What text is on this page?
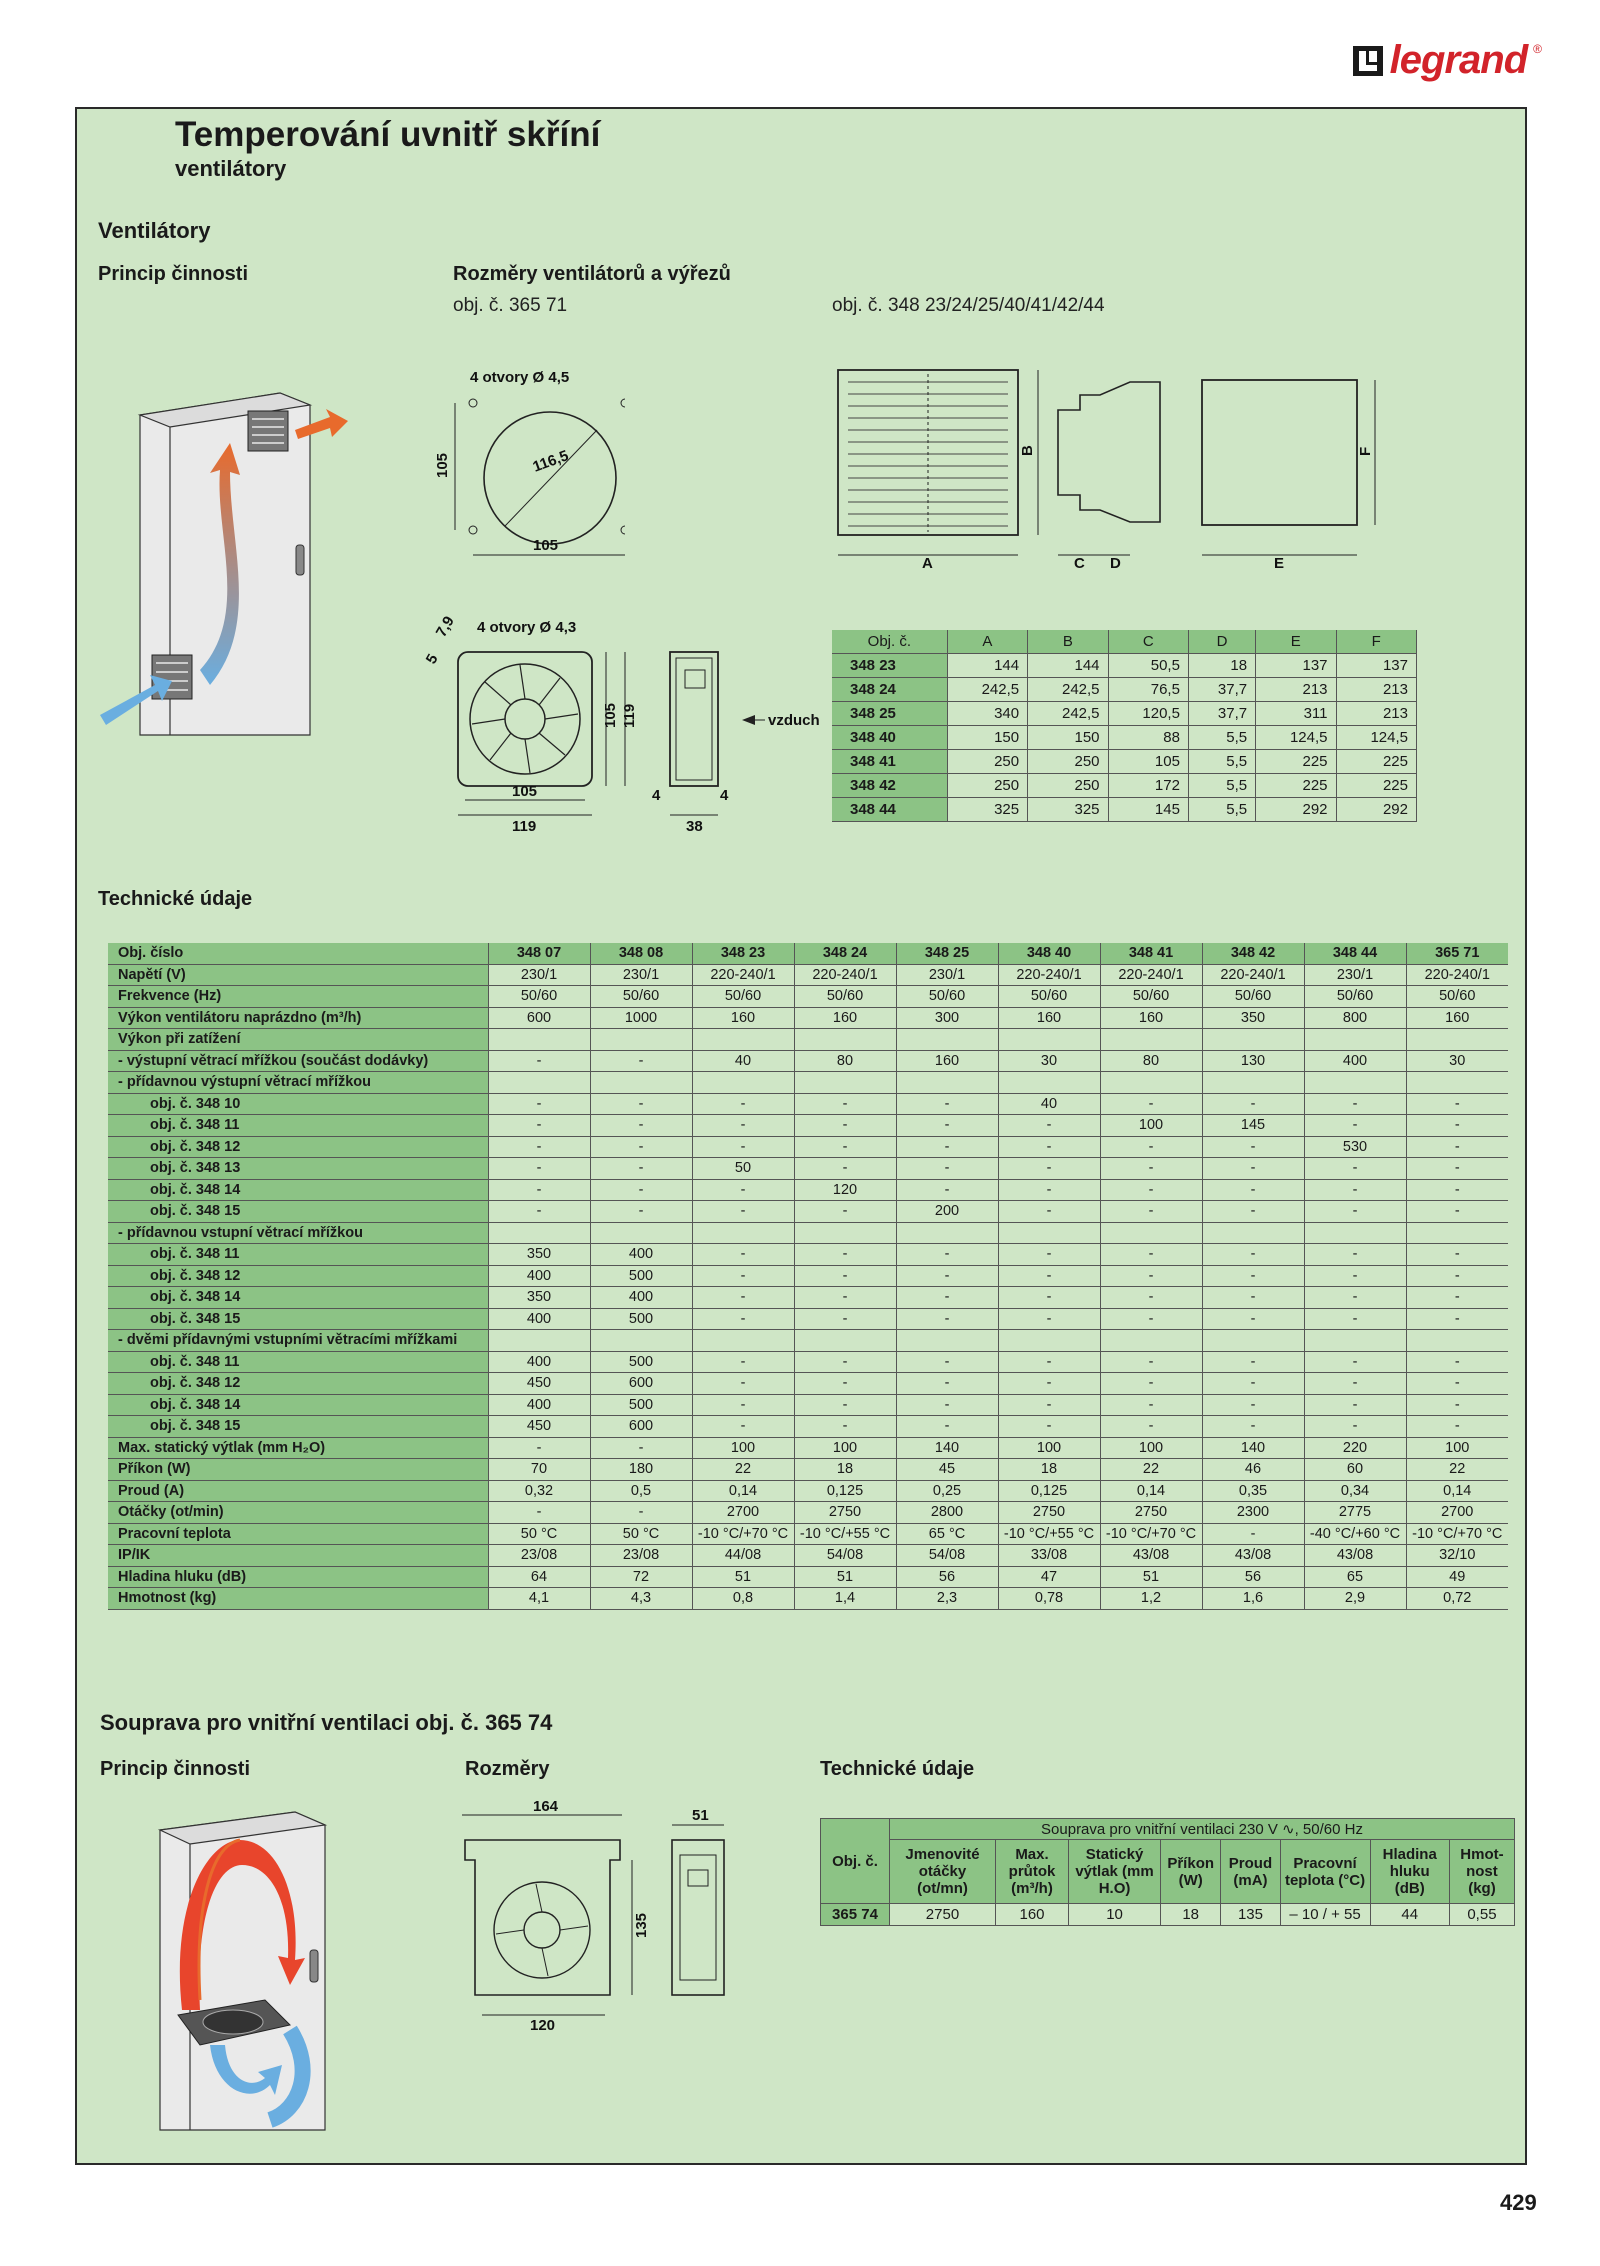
legrand ®
Temperování uvnitř skříní
ventilátory
Ventilátory
Princip činnosti	Rozměry ventilátorů a výřezů
obj. č. 365 71	obj. č. 348 23/24/25/40/41/42/44
4 otvory Ø 4,5
116,5
105
105
4 otvory Ø 4,3
7,9
5
105
119
105 119
4	4
38
vzduch
A
B
C D	E
F
Obj. č.	A	B	C	D	E	F
348 23	144	144	50,5	18	137	137
348 24	242,5	242,5	76,5	37,7	213	213
348 25	340	242,5	120,5	37,7	311	213
348 40	150	150	88	5,5	124,5	124,5
348 41	250	250	105	5,5	225	225
348 42	250	250	172	5,5	225	225
348 44	325	325	145	5,5	292	292
Technické údaje
Obj. číslo	348 07	348 08	348 23	348 24	348 25	348 40	348 41	348 42	348 44	365 71
Napětí (V)	230/1	230/1	220-240/1	220-240/1	230/1	220-240/1	220-240/1	220-240/1	230/1	220-240/1
Frekvence (Hz)	50/60	50/60	50/60	50/60	50/60	50/60	50/60	50/60	50/60	50/60
Výkon ventilátoru naprázdno (m³/h)	600	1000	160	160	300	160	160	350	800	160
Výkon při zatížení										
- výstupní větrací mřížkou (součást dodávky)	-	-	40	80	160	30	80	130	400	30
- přídavnou výstupní větrací mřížkou										
obj. č. 348 10	-	-	-	-	-	40	-	-	-	-
obj. č. 348 11	-	-	-	-	-	-	100	145	-	-
obj. č. 348 12	-	-	-	-	-	-	-	-	530	-
obj. č. 348 13	-	-	50	-	-	-	-	-	-	-
obj. č. 348 14	-	-	-	120	-	-	-	-	-	-
obj. č. 348 15	-	-	-	-	200	-	-	-	-	-
- přídavnou vstupní větrací mřížkou										
obj. č. 348 11	350	400	-	-	-	-	-	-	-	-
obj. č. 348 12	400	500	-	-	-	-	-	-	-	-
obj. č. 348 14	350	400	-	-	-	-	-	-	-	-
obj. č. 348 15	400	500	-	-	-	-	-	-	-	-
- dvěmi přídavnými vstupními větracími mřížkami										
obj. č. 348 11	400	500	-	-	-	-	-	-	-	-
obj. č. 348 12	450	600	-	-	-	-	-	-	-	-
obj. č. 348 14	400	500	-	-	-	-	-	-	-	-
obj. č. 348 15	450	600	-	-	-	-	-	-	-	-
Max. statický výtlak (mm H₂O)	-	-	100	100	140	100	100	140	220	100
Příkon (W)	70	180	22	18	45	18	22	46	60	22
Proud (A)	0,32	0,5	0,14	0,125	0,25	0,125	0,14	0,35	0,34	0,14
Otáčky (ot/min)	-	-	2700	2750	2800	2750	2750	2300	2775	2700
Pracovní teplota	50 °C	50 °C	-10 °C/+70 °C	-10 °C/+55 °C	65 °C	-10 °C/+55 °C	-10 °C/+70 °C	-	-40 °C/+60 °C	-10 °C/+70 °C
IP/IK	23/08	23/08	44/08	54/08	54/08	33/08	43/08	43/08	43/08	32/10
Hladina hluku (dB)	64	72	51	51	56	47	51	56	65	49
Hmotnost (kg)	4,1	4,3	0,8	1,4	2,3	0,78	1,2	1,6	2,9	0,72
Souprava pro vnitřní ventilaci obj. č. 365 74
Princip činnosti	Rozměry	Technické údaje
164
51
135
120
Obj. č.	Souprava pro vnitřní ventilaci 230 V ∿, 50/60 Hz							
	Jmenovité otáčky (ot/mn)	Max. průtok (m³/h)	Statický výtlak (mm H.O)	Příkon (W)	Proud (mA)	Pracovní teplota (°C)	Hladina hluku (dB)	Hmot-nost (kg)
365 74	2750	160	10	18	135	– 10 / + 55	44	0,55
429
